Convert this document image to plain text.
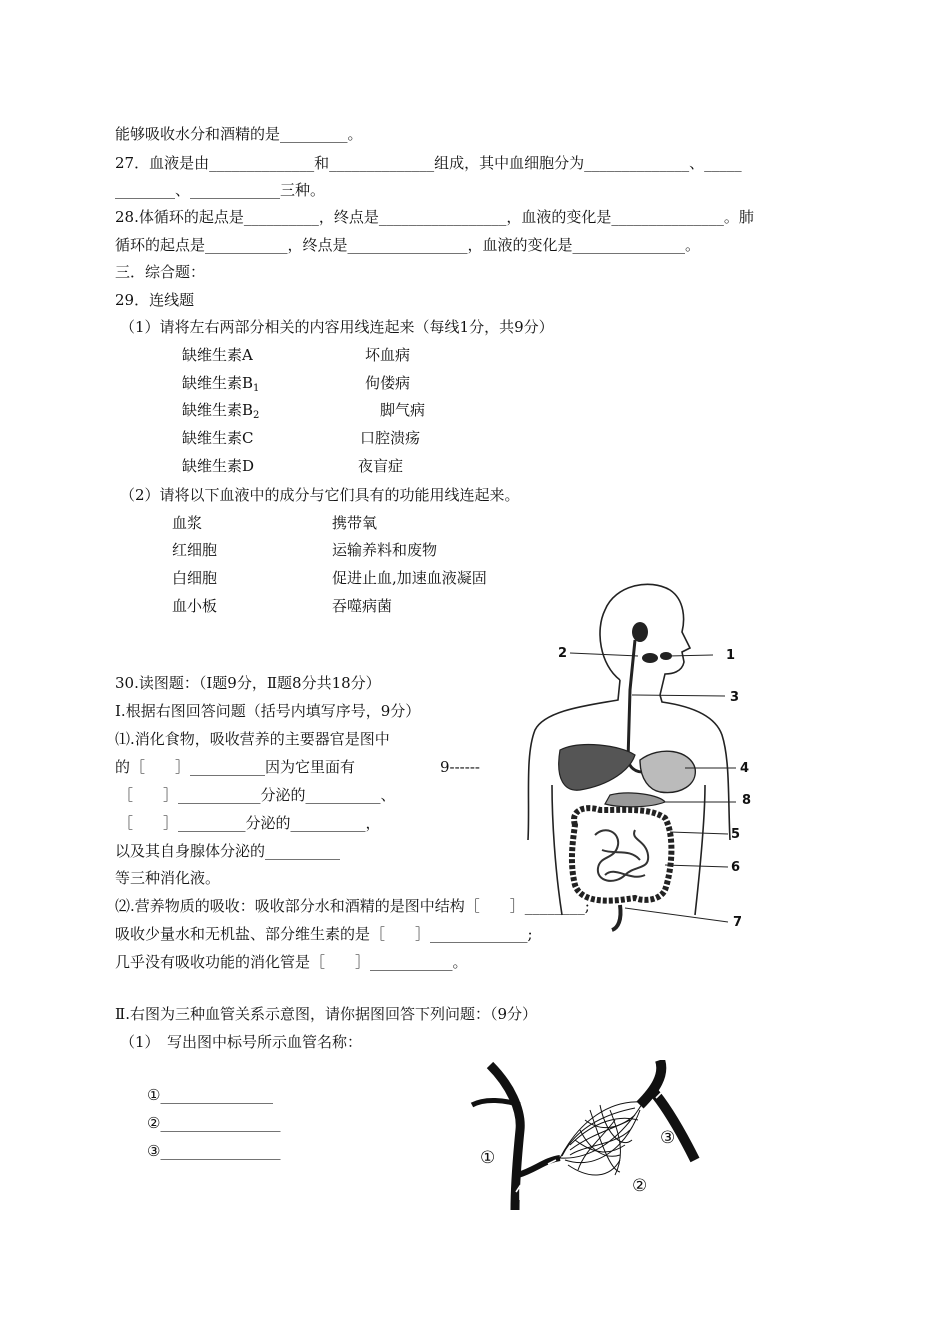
能够吸收水分和酒精的是_________。
27．血液是由______________和______________组成，其中血细胞分为______________、_____
________、____________三种。
28.体循环的起点是__________，终点是_________________，血液的变化是_______________。肺
循环的起点是___________，终点是________________，血液的变化是_______________。
三．综合题：
29．连线题
（1）请将左右两部分相关的内容用线连起来（每线1分，共9分）
缺维生素A
缺维生素$B_1$
缺维生素$B_2$
缺维生素C
缺维生素D
坏血病
佝偻病
脚气病
口腔溃疡
夜盲症
（2）请将以下血液中的成分与它们具有的功能用线连起来。
血浆
红细胞
白细胞
血小板
携带氧
运输养料和废物
促进止血,加速血液凝固
吞噬病菌
30.读图题：（Ⅰ题9分，Ⅱ题8分共18分）
Ⅰ.根据右图回答问题（括号内填写序号，9分）
⑴.消化食物，吸收营养的主要器官是图中
的［　　］__________因为它里面有	9------
［　　］___________分泌的__________、
［　　］_________分泌的__________，
以及其自身腺体分泌的__________
等三种消化液。
⑵.营养物质的吸收：吸收部分水和酒精的是图中结构［　　］________;
吸收少量水和无机盐、部分维生素的是［　　］_____________;
几乎没有吸收功能的消化管是［　　］___________。
Ⅱ.右图为三种血管关系示意图，请你据图回答下列问题：（9分）
（1）　写出图中标号所示血管名称：
①_______________
②________________
③________________
2	1
3
4
8
5
6
7
①
②
③
